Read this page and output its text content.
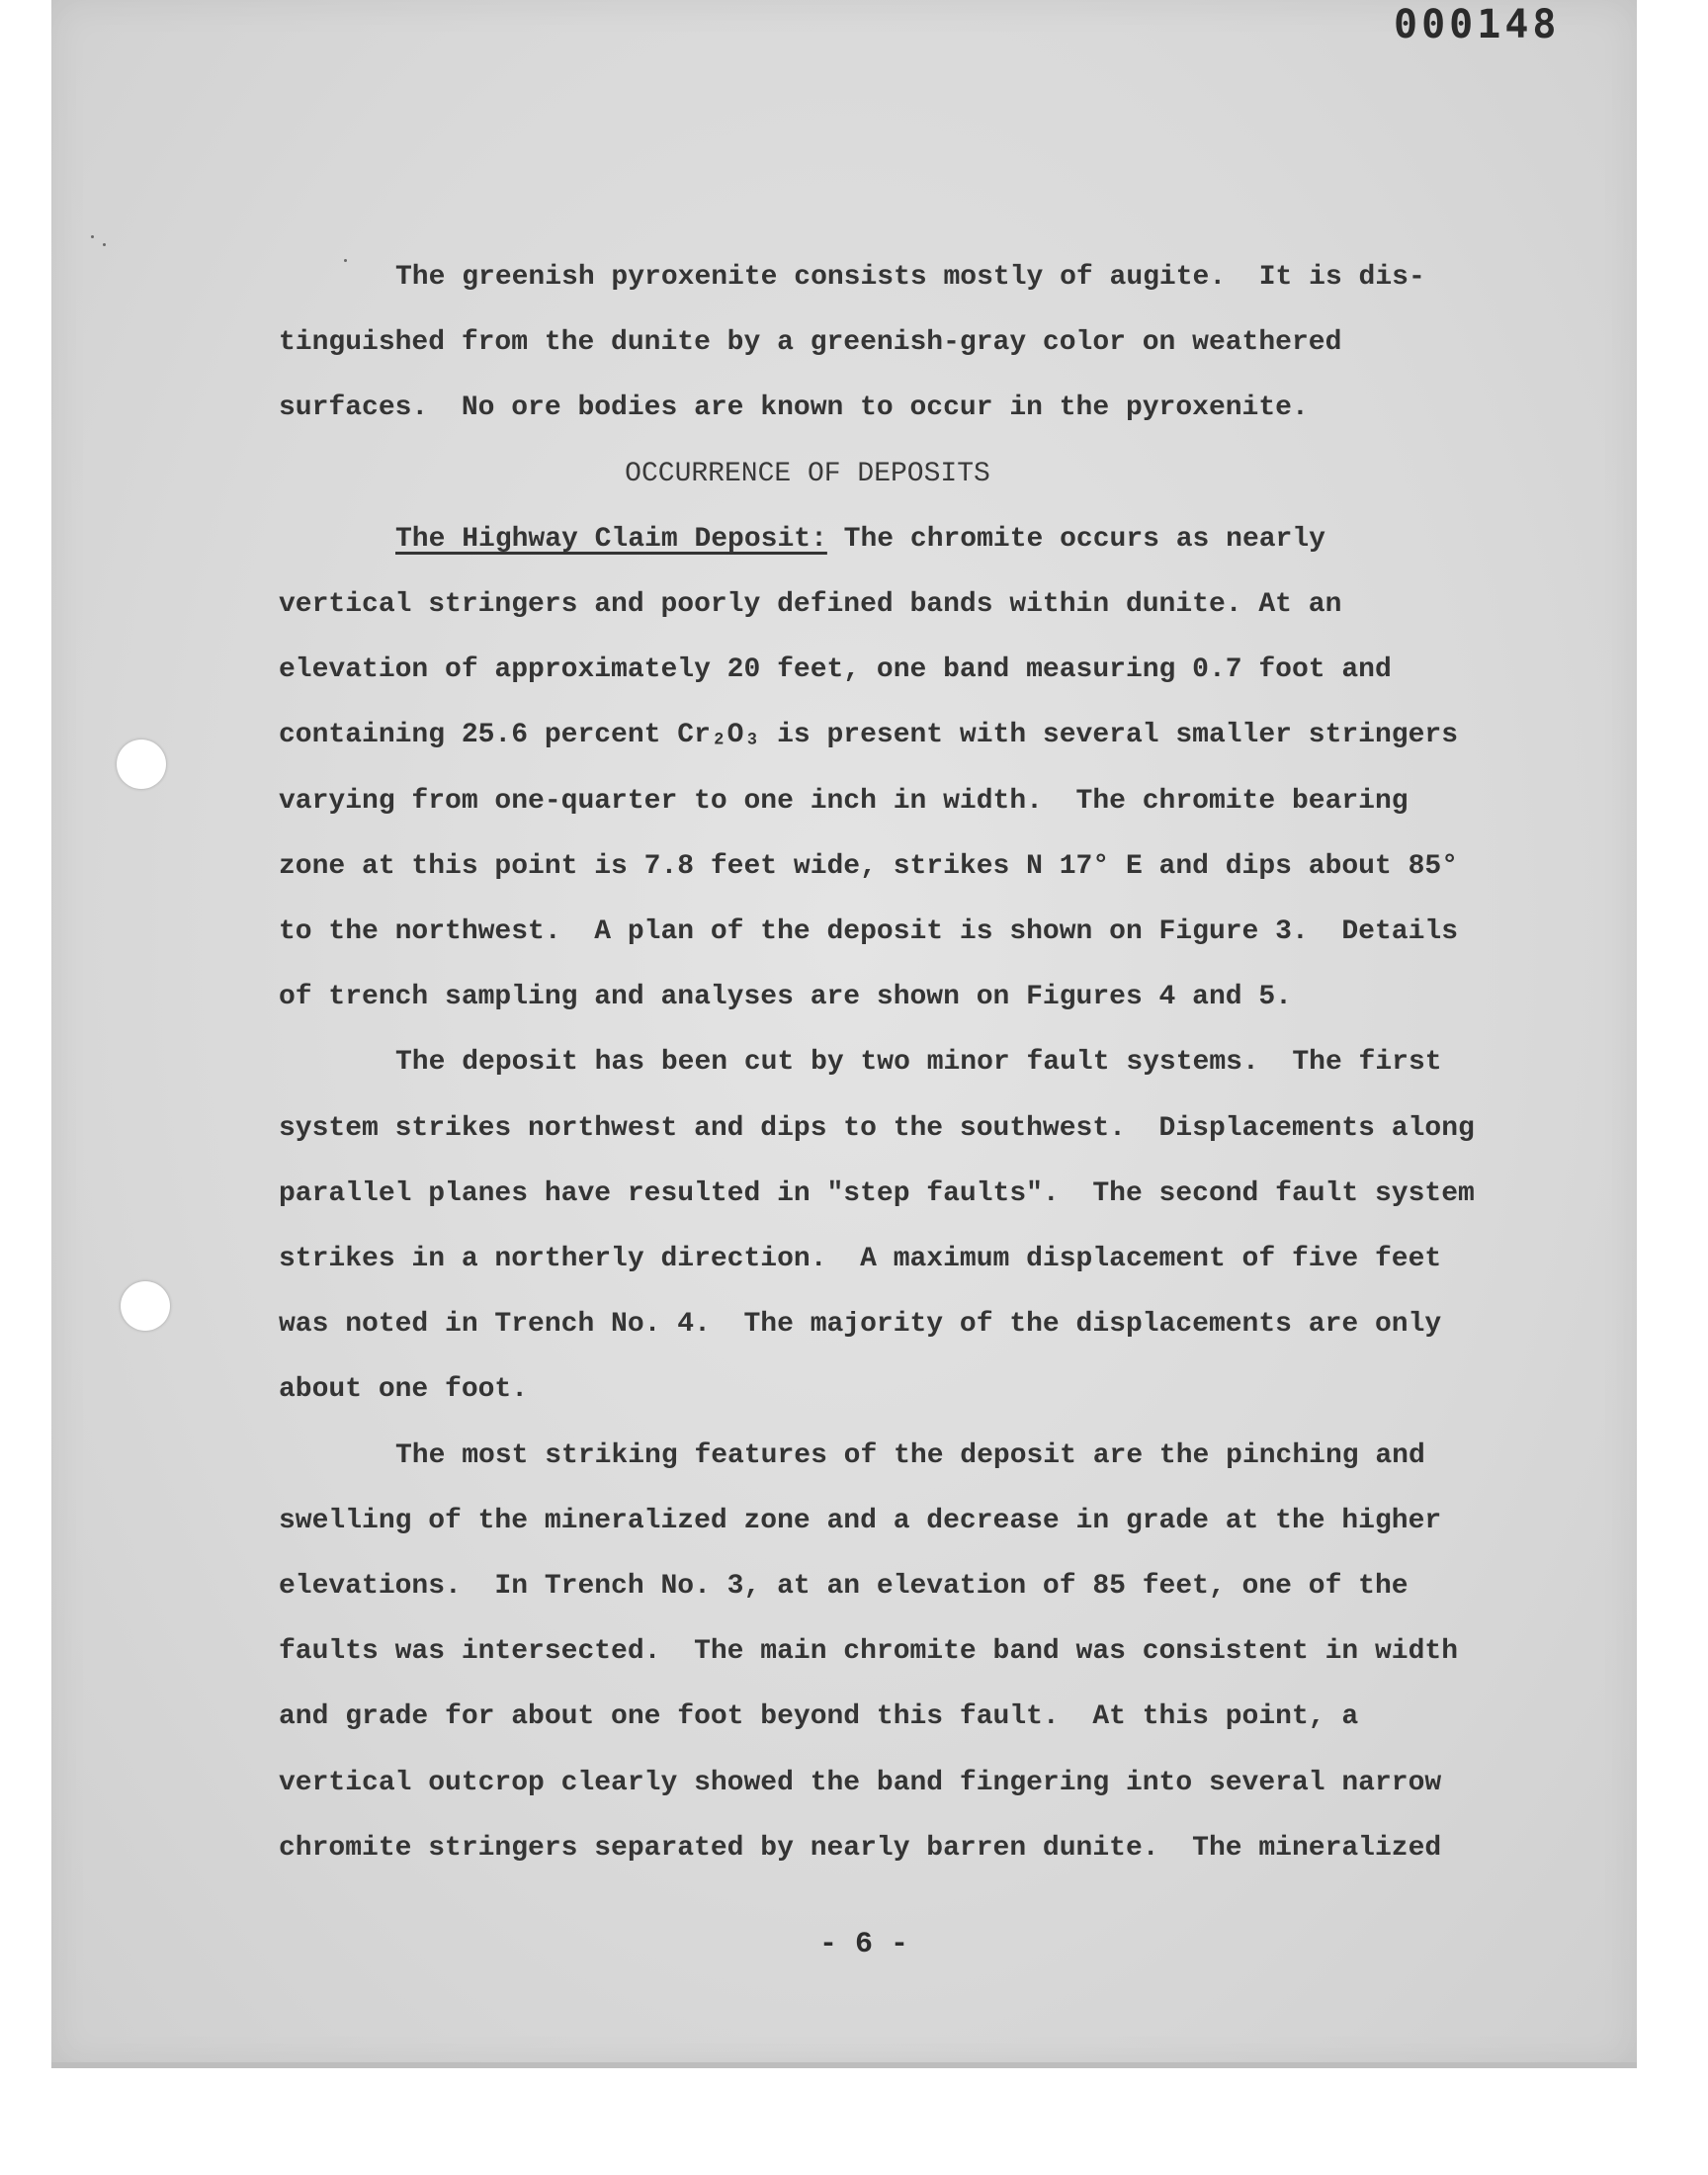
000148
The greenish pyroxenite consists mostly of augite.  It is dis-
tinguished from the dunite by a greenish-gray color on weathered
surfaces.  No ore bodies are known to occur in the pyroxenite.
OCCURRENCE OF DEPOSITS
The Highway Claim Deposit: The chromite occurs as nearly
vertical stringers and poorly defined bands within dunite. At an
elevation of approximately 20 feet, one band measuring 0.7 foot and
containing 25.6 percent Cr₂O₃ is present with several smaller stringers
varying from one-quarter to one inch in width.  The chromite bearing
zone at this point is 7.8 feet wide, strikes N 17° E and dips about 85°
to the northwest.  A plan of the deposit is shown on Figure 3.  Details
of trench sampling and analyses are shown on Figures 4 and 5.
The deposit has been cut by two minor fault systems.  The first
system strikes northwest and dips to the southwest.  Displacements along
parallel planes have resulted in "step faults".  The second fault system
strikes in a northerly direction.  A maximum displacement of five feet
was noted in Trench No. 4.  The majority of the displacements are only
about one foot.
The most striking features of the deposit are the pinching and
swelling of the mineralized zone and a decrease in grade at the higher
elevations.  In Trench No. 3, at an elevation of 85 feet, one of the
faults was intersected.  The main chromite band was consistent in width
and grade for about one foot beyond this fault.  At this point, a
vertical outcrop clearly showed the band fingering into several narrow
chromite stringers separated by nearly barren dunite.  The mineralized
- 6 -
